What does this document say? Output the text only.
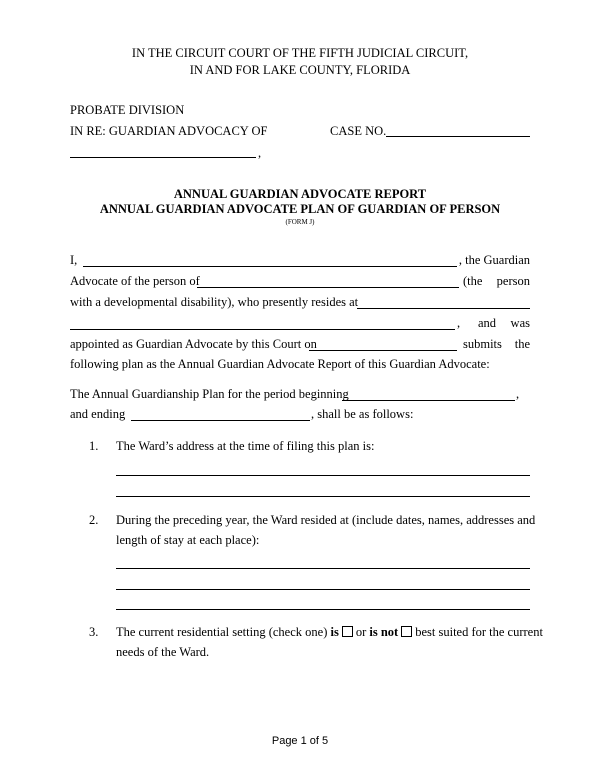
IN THE CIRCUIT COURT OF THE FIFTH JUDICIAL CIRCUIT,
IN AND FOR LAKE COUNTY, FLORIDA
PROBATE DIVISION
IN RE: GUARDIAN ADVOCACY OF	CASE NO.
,
ANNUAL GUARDIAN ADVOCATE REPORT
ANNUAL GUARDIAN ADVOCATE PLAN OF GUARDIAN OF PERSON
(FORM J)
I,	, the Guardian
Advocate of the person of	(the	person
with a developmental disability), who presently resides at
, and was
appointed as Guardian Advocate by this Court on	submits	the
following plan as the Annual Guardian Advocate Report of this Guardian Advocate:
The Annual Guardianship Plan for the period beginning	,
and ending	, shall be as follows:
1. The Ward’s address at the time of filing this plan is:
2. During the preceding year, the Ward resided at (include dates, names, addresses and
length of stay at each place):
3. The current residential setting (check one) is or is not best suited for the current
needs of the Ward.
Page 1 of 5
